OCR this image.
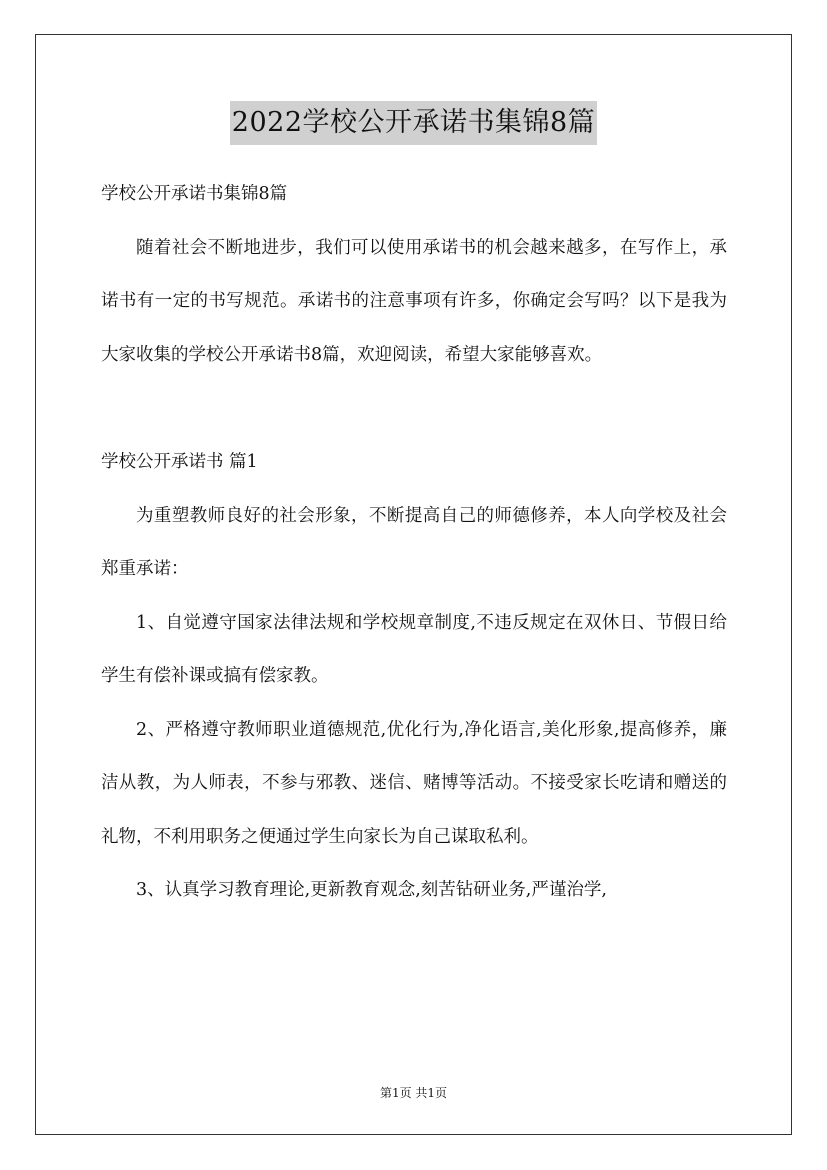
2022学校公开承诺书集锦8篇

学校公开承诺书集锦8篇

随着社会不断地进步，我们可以使用承诺书的机会越来越多，在写作上，承诺书有一定的书写规范。承诺书的注意事项有许多，你确定会写吗？以下是我为大家收集的学校公开承诺书8篇，欢迎阅读，希望大家能够喜欢。

学校公开承诺书 篇1

为重塑教师良好的社会形象，不断提高自己的师德修养，本人向学校及社会郑重承诺：

1、自觉遵守国家法律法规和学校规章制度,不违反规定在双休日、节假日给学生有偿补课或搞有偿家教。

2、严格遵守教师职业道德规范,优化行为,净化语言,美化形象,提高修养，廉洁从教，为人师表，不参与邪教、迷信、赌博等活动。不接受家长吃请和赠送的礼物，不利用职务之便通过学生向家长为自己谋取私利。

3、认真学习教育理论,更新教育观念,刻苦钻研业务,严谨治学,

第1页 共1页
